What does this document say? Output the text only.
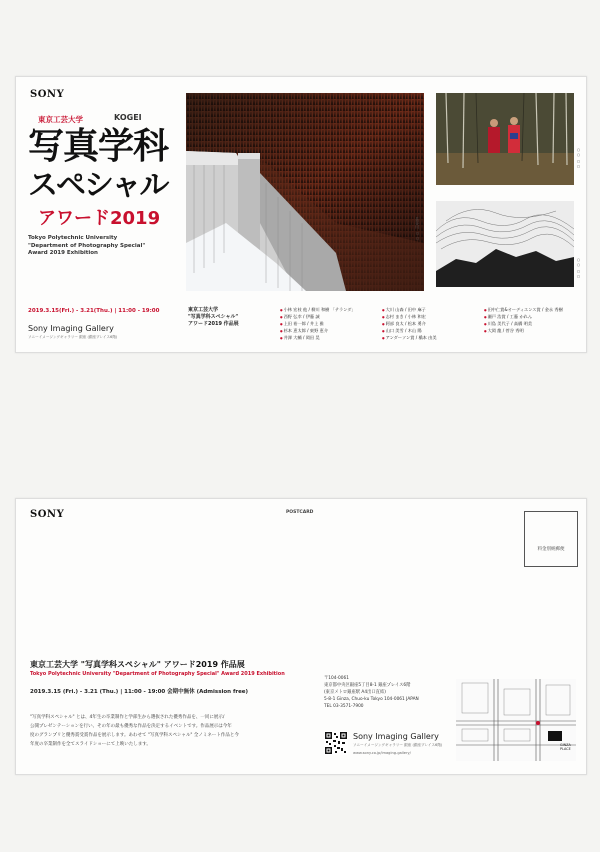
SONY
東京工芸大学	KOGEI
写真学科
スペシャル
アワード2019
Tokyo Polytechnic University
"Department of Photography Special"
Award 2019 Exhibition
2019.3.15(Fri.) - 3.21(Thu.) | 11:00 - 19:00
Sony Imaging Gallery
ソニーイメージングギャラリー 銀座 (銀座プレイス6階)
長谷川 ○○
○○ ○○
○○ ○○
東京工芸大学
"写真学科スペシャル"
アワード2019 作品展
● 小林 宏枝 他 / 柳川 和樹 「テランダ」	● 大川 山森 / 田中 麻子	● 田中仁賞&オーディエンス賞 / 金永 秀樹
● 西野 弘幸 / 伊藤 誠	● 志村 まき / 小林 和宏	● 瀬戸 浩賞 / 工藤 かれん
● 上田 裕一郎 / 井上 雅	● 阿部 良太 / 松本 勇介	● 川島 美代子 / 高橋 明美
● 杉本 恵太郎 / 東野 恵介	● 山口 美雪 / 木山 陽	● 大岡 龍 / 菅谷 秀明
● 井澤 大輔 / 岡田 晃	● アンダーソン賞 / 橋本 由美
SONY	POSTCARD
料金別納郵便
東京工芸大学 "写真学科スペシャル" アワード2019 作品展
Tokyo Polytechnic University "Department of Photography Special" Award 2019 Exhibition
2019.3.15 (Fri.) - 3.21 (Thu.) | 11:00 - 19:00 会期中無休 (Admission free)
"写真学科スペシャル" とは、4年生の卒業制作と学部生から選抜された優秀作品を、一同に展示/
公開プレゼンテーションを行い、その年の最も優秀な作品を決定するイベントです。作品展示は今年
度のグランプリと優秀賞受賞作品を展示します。あわせて "写真学科スペシャル" 全ノミネート作品と今
年度の卒業制作を全てスライドショーにて上映いたします。
〒104-0061
東京都中央区銀座5丁目8-1 銀座プレイス6階
(東京メトロ銀座駅 A4出口直結)
5-8-1 Ginza, Chuo-ku Tokyo 104-0061 JAPAN
TEL 03-3571-7900
Sony Imaging Gallery
ソニーイメージングギャラリー 銀座 (銀座プレイス6階)
www.sony.co.jp/imaging-gallery/
GINZA PLACE
